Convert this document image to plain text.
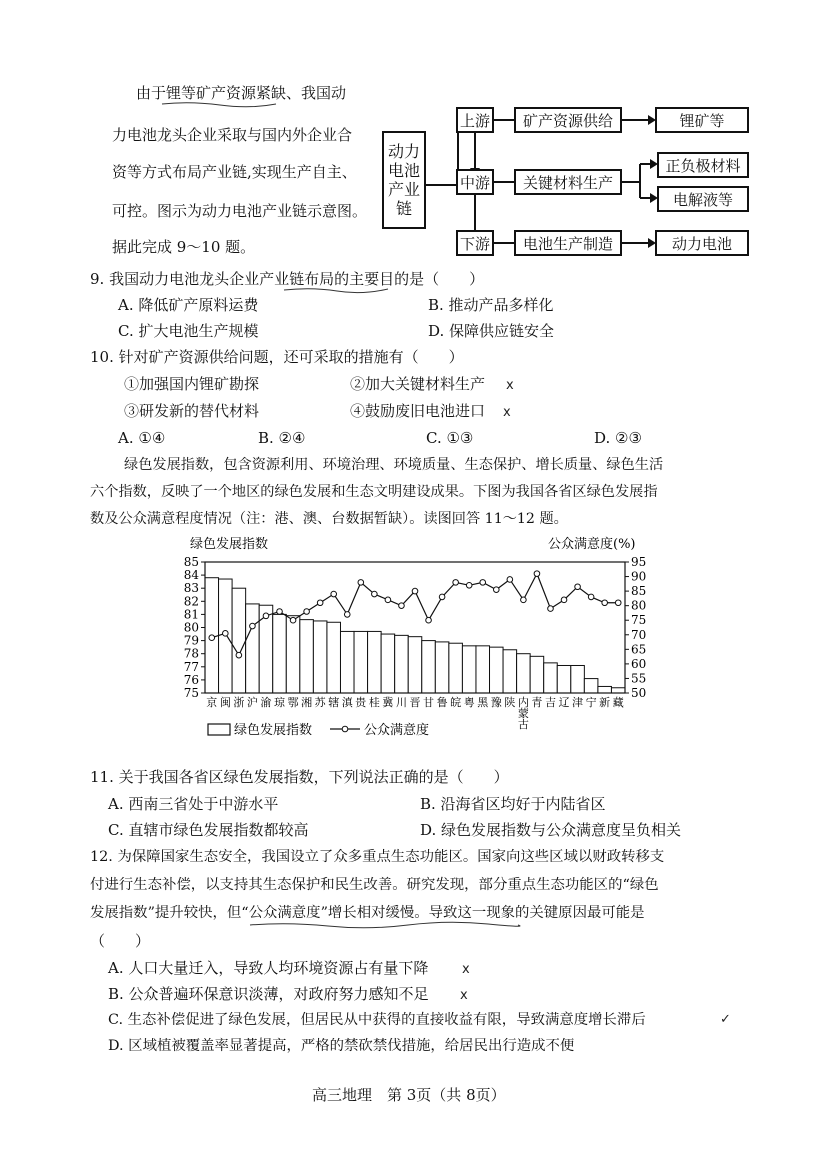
由于锂等矿产资源紧缺、我国动
力电池龙头企业采取与国内外企业合
资等方式布局产业链,实现生产自主、
可控。图示为动力电池产业链示意图。
据此完成 9～10 题。
动力电池产业链
上游
中游
下游
矿产资源供给
关键材料生产
电池生产制造
锂矿等
正负极材料
电解液等
动力电池
9. 我国动力电池龙头企业产业链布局的主要目的是（　　）
A. 降低矿产原料运费	B. 推动产品多样化
C. 扩大电池生产规模	D. 保障供应链安全
10. 针对矿产资源供给问题，还可采取的措施有（　　）
①加强国内锂矿勘探	②加大关键材料生产 x
③研发新的替代材料	④鼓励废旧电池进口 x
A. ①④	B. ②④	C. ①③	D. ②③
绿色发展指数，包含资源利用、环境治理、环境质量、生态保护、增长质量、绿色生活
六个指数，反映了一个地区的绿色发展和生态文明建设成果。下图为我国各省区绿色发展指
数及公众满意程度情况（注：港、澳、台数据暂缺）。读图回答 11～12 题。
绿色发展指数	公众满意度(%)
75
76
77
78
79
80
81
82
83
84
85
50
55
60
65
70
75
80
85
90
95
京 闽 浙 沪 渝 琼 鄂 湘 苏 辖 滇 贵 桂 冀 川 晋 甘 鲁 皖 粤 黑 豫 陕 内
蒙
古
青 吉 辽 津 宁 新 藏
绿色发展指数	公众满意度
11. 关于我国各省区绿色发展指数，下列说法正确的是（　　）
A. 西南三省处于中游水平	B. 沿海省区均好于内陆省区
C. 直辖市绿色发展指数都较高	D. 绿色发展指数与公众满意度呈负相关
12. 为保障国家生态安全，我国设立了众多重点生态功能区。国家向这些区域以财政转移支
付进行生态补偿，以支持其生态保护和民生改善。研究发现，部分重点生态功能区的“绿色
发展指数”提升较快，但“公众满意度”增长相对缓慢。导致这一现象的关键原因最可能是
（　　）
A. 人口大量迁入，导致人均环境资源占有量下降	x
B. 公众普遍环保意识淡薄，对政府努力感知不足 x
C. 生态补偿促进了绿色发展，但居民从中获得的直接收益有限，导致满意度增长滞后	✓
D. 区域植被覆盖率显著提高，严格的禁砍禁伐措施，给居民出行造成不便
高三地理　第 3页（共 8页）
